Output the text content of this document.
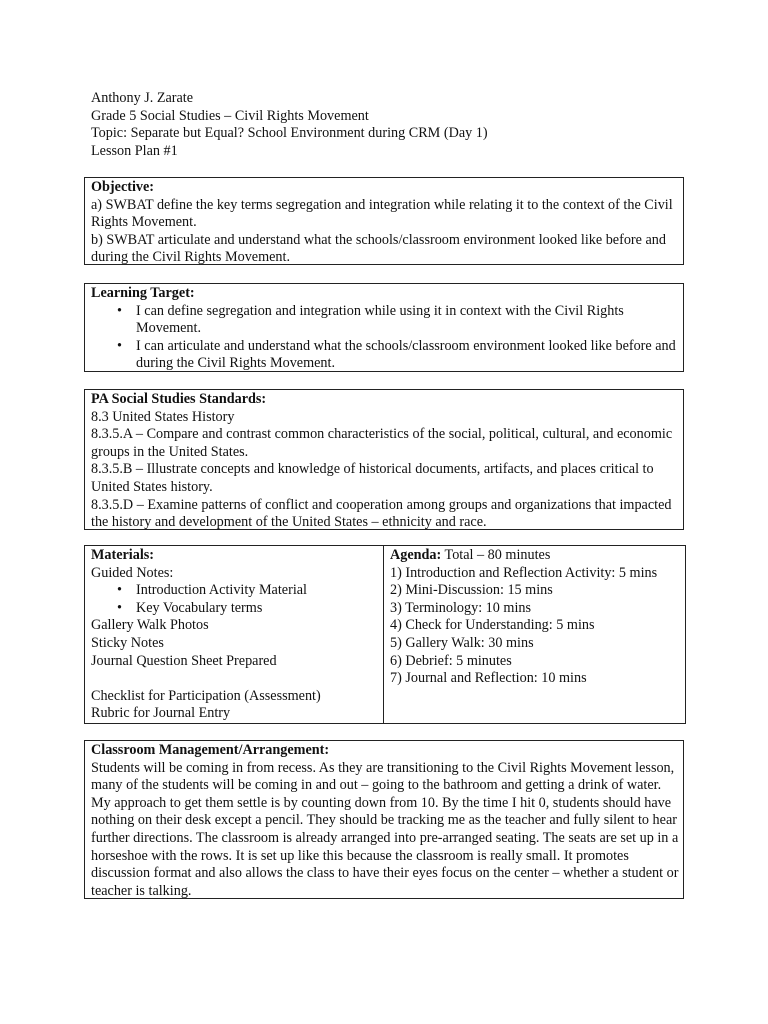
Anthony J. Zarate
Grade 5 Social Studies – Civil Rights Movement
Topic: Separate but Equal? School Environment during CRM (Day 1)
Lesson Plan #1
Objective:
a) SWBAT define the key terms segregation and integration while relating it to the context of the Civil Rights Movement.
b) SWBAT articulate and understand what the schools/classroom environment looked like before and during the Civil Rights Movement.
Learning Target:
• I can define segregation and integration while using it in context with the Civil Rights Movement.
• I can articulate and understand what the schools/classroom environment looked like before and during the Civil Rights Movement.
PA Social Studies Standards:
8.3 United States History
8.3.5.A – Compare and contrast common characteristics of the social, political, cultural, and economic groups in the United States.
8.3.5.B – Illustrate concepts and knowledge of historical documents, artifacts, and places critical to United States history.
8.3.5.D – Examine patterns of conflict and cooperation among groups and organizations that impacted the history and development of the United States – ethnicity and race.
Materials:
Guided Notes:
• Introduction Activity Material
• Key Vocabulary terms
Gallery Walk Photos
Sticky Notes
Journal Question Sheet Prepared
Checklist for Participation (Assessment)
Rubric for Journal Entry
Agenda: Total – 80 minutes
1) Introduction and Reflection Activity: 5 mins
2) Mini-Discussion: 15 mins
3) Terminology: 10 mins
4) Check for Understanding: 5 mins
5) Gallery Walk: 30 mins
6) Debrief: 5 minutes
7) Journal and Reflection: 10 mins
Classroom Management/Arrangement:
Students will be coming in from recess. As they are transitioning to the Civil Rights Movement lesson, many of the students will be coming in and out – going to the bathroom and getting a drink of water. My approach to get them settle is by counting down from 10. By the time I hit 0, students should have nothing on their desk except a pencil. They should be tracking me as the teacher and fully silent to hear further directions. The classroom is already arranged into pre-arranged seating. The seats are set up in a horseshoe with the rows. It is set up like this because the classroom is really small. It promotes discussion format and also allows the class to have their eyes focus on the center – whether a student or teacher is talking.
